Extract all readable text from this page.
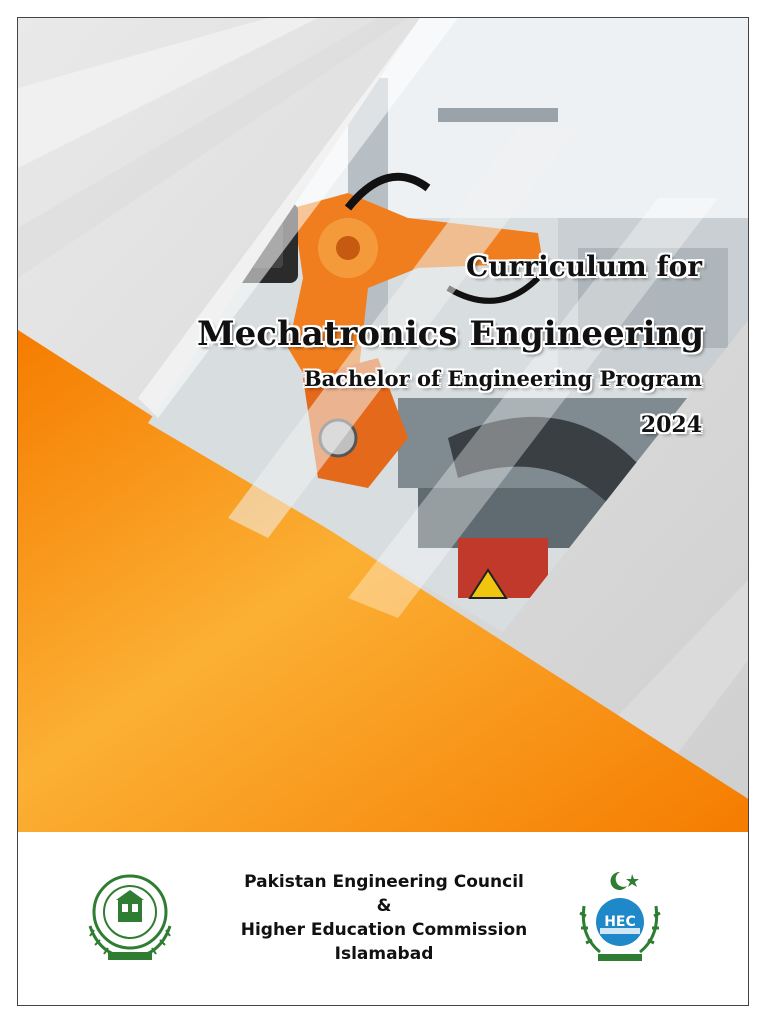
Curriculum for
Mechatronics Engineering
Bachelor of Engineering Program
2024
Pakistan Engineering Council
&
Higher Education Commission
Islamabad
HEC
